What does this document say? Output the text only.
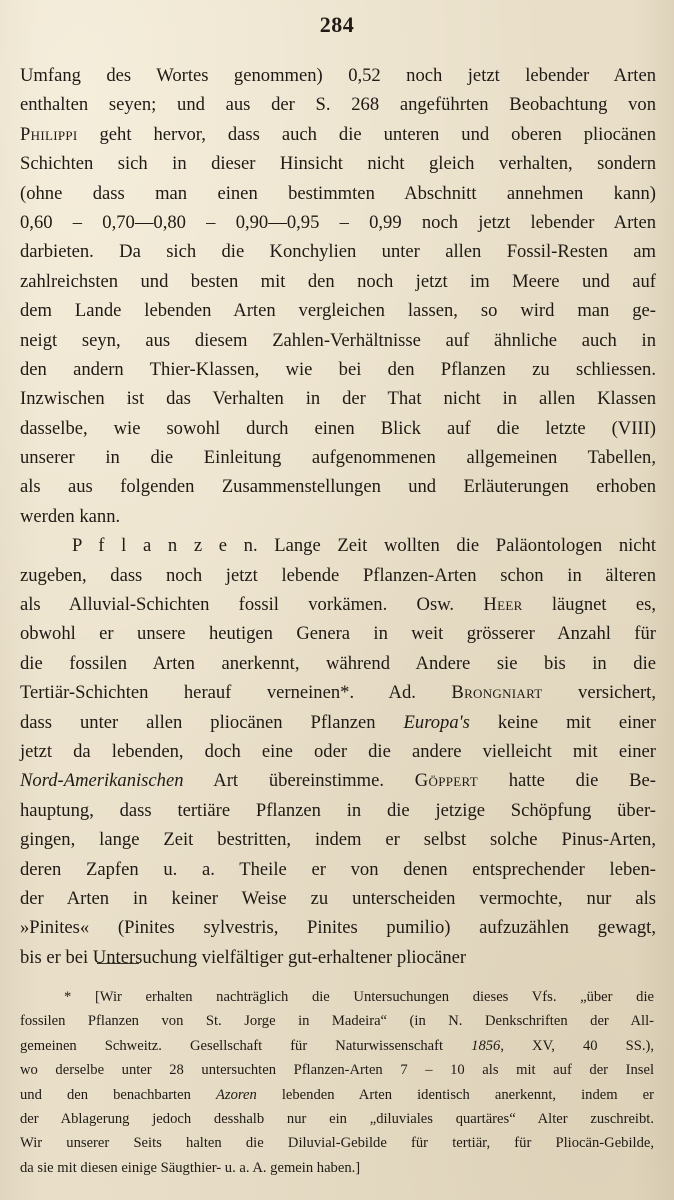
284
Umfang des Wortes genommen) 0,52 noch jetzt lebender Arten
enthalten seyen; und aus der S. 268 angeführten Beobachtung von
Philippi geht hervor, dass auch die unteren und oberen pliocänen
Schichten sich in dieser Hinsicht nicht gleich verhalten, sondern
(ohne dass man einen bestimmten Abschnitt annehmen kann)
0,60 – 0,70—0,80 – 0,90—0,95 – 0,99 noch jetzt lebender Arten
darbieten. Da sich die Konchylien unter allen Fossil-Resten am
zahlreichsten und besten mit den noch jetzt im Meere und auf
dem Lande lebenden Arten vergleichen lassen, so wird man ge-
neigt seyn, aus diesem Zahlen-Verhältnisse auf ähnliche auch in
den andern Thier-Klassen, wie bei den Pflanzen zu schliessen.
Inzwischen ist das Verhalten in der That nicht in allen Klassen
dasselbe, wie sowohl durch einen Blick auf die letzte (VIII)
unserer in die Einleitung aufgenommenen allgemeinen Tabellen,
als aus folgenden Zusammenstellungen und Erläuterungen erhoben
werden kann.
P f l a n z e n. Lange Zeit wollten die Paläontologen nicht
zugeben, dass noch jetzt lebende Pflanzen-Arten schon in älteren
als Alluvial-Schichten fossil vorkämen. Osw. Heer läugnet es,
obwohl er unsere heutigen Genera in weit grösserer Anzahl für
die fossilen Arten anerkennt, während Andere sie bis in die
Tertiär-Schichten herauf verneinen*. Ad. Brongniart versichert,
dass unter allen pliocänen Pflanzen Europa's keine mit einer
jetzt da lebenden, doch eine oder die andere vielleicht mit einer
Nord-Amerikanischen Art übereinstimme. Göppert hatte die Be-
hauptung, dass tertiäre Pflanzen in die jetzige Schöpfung über-
gingen, lange Zeit bestritten, indem er selbst solche Pinus-Arten,
deren Zapfen u. a. Theile er von denen entsprechender leben-
der Arten in keiner Weise zu unterscheiden vermochte, nur als
»Pinites« (Pinites sylvestris, Pinites pumilio) aufzuzählen gewagt,
bis er bei Untersuchung vielfältiger gut-erhaltener pliocäner
* [Wir erhalten nachträglich die Untersuchungen dieses Vfs. „über die
fossilen Pflanzen von St. Jorge in Madeira“ (in N. Denkschriften der All-
gemeinen Schweitz. Gesellschaft für Naturwissenschaft 1856, XV, 40 SS.),
wo derselbe unter 28 untersuchten Pflanzen-Arten 7 – 10 als mit auf der Insel
und den benachbarten Azoren lebenden Arten identisch anerkennt, indem er
der Ablagerung jedoch desshalb nur ein „diluviales quartäres“ Alter zuschreibt.
Wir unserer Seits halten die Diluvial-Gebilde für tertiär, für Pliocän-Gebilde,
da sie mit diesen einige Säugthier- u. a. A. gemein haben.]
